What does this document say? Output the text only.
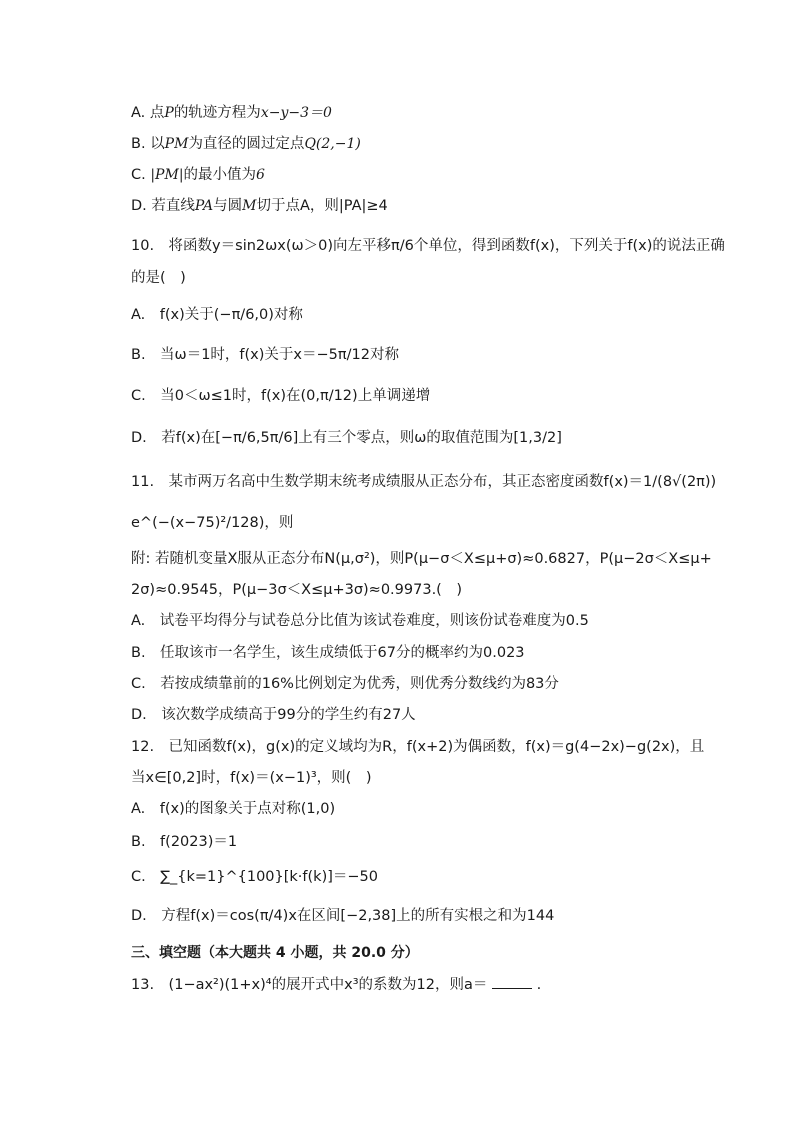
A. 点P的轨迹方程为x−y−3＝0
B. 以PM为直径的圆过定点Q(2,−1)
C. |PM|的最小值为6
D. 若直线PA与圆M切于点A，则|PA|≥4
10.　将函数y＝sin2ωx(ω＞0)向左平移π/6个单位，得到函数f(x)，下列关于f(x)的说法正确
的是(　)
A.　f(x)关于(−π/6,0)对称
B.　当ω＝1时，f(x)关于x＝−5π/12对称
C.　当0＜ω≤1时，f(x)在(0,π/12)上单调递增
D.　若f(x)在[−π/6,5π/6]上有三个零点，则ω的取值范围为[1,3/2]
11.　某市两万名高中生数学期末统考成绩服从正态分布，其正态密度函数f(x)＝1/(8√(2π))
e^(−(x−75)²/128)，则
附: 若随机变量X服从正态分布N(μ,σ²)，则P(μ−σ＜X≤μ+σ)≈0.6827，P(μ−2σ＜X≤μ+
2σ)≈0.9545，P(μ−3σ＜X≤μ+3σ)≈0.9973.(　)
A.　试卷平均得分与试卷总分比值为该试卷难度，则该份试卷难度为0.5
B.　任取该市一名学生，该生成绩低于67分的概率约为0.023
C.　若按成绩靠前的16%比例划定为优秀，则优秀分数线约为83分
D.　该次数学成绩高于99分的学生约有27人
12.　已知函数f(x)，g(x)的定义域均为R，f(x+2)为偶函数，f(x)＝g(4−2x)−g(2x)，且
当x∈[0,2]时，f(x)＝(x−1)³，则(　)
A.　f(x)的图象关于点对称(1,0)
B.　f(2023)＝1
C.　∑_{k=1}^{100}[k·f(k)]＝−50
D.　方程f(x)＝cos(π/4)x在区间[−2,38]上的所有实根之和为144
三、填空题（本大题共 4 小题，共 20.0 分）
13.　(1−ax²)(1+x)⁴的展开式中x³的系数为12，则a＝	.
